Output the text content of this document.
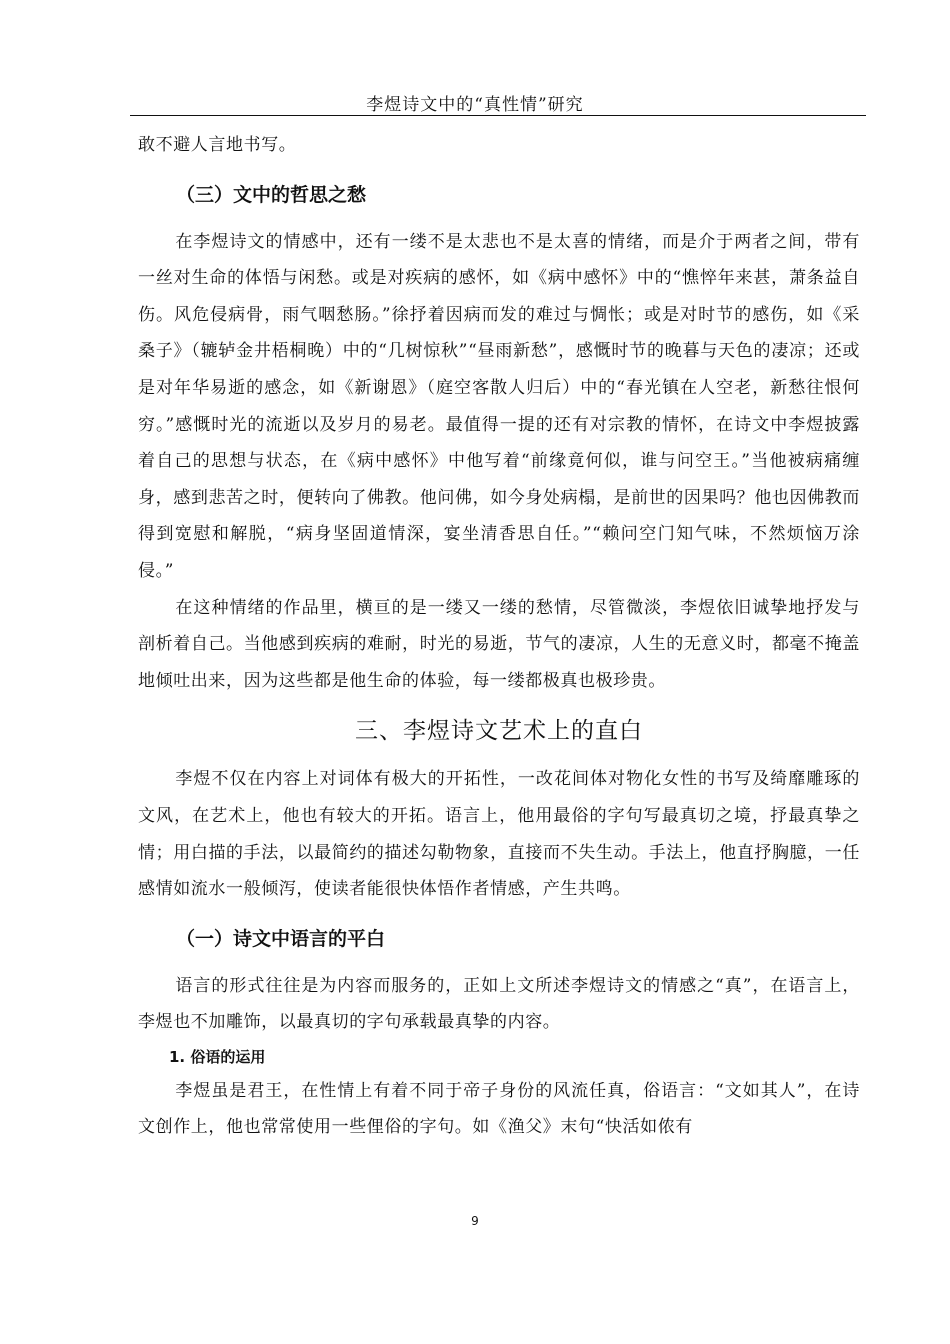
李煜诗文中的“真性情”研究

敢不避人言地书写。

（三）文中的哲思之愁

在李煜诗文的情感中，还有一缕不是太悲也不是太喜的情绪，而是介于两者之间，带有一丝对生命的体悟与闲愁。或是对疾病的感怀，如《病中感怀》中的“憔悴年来甚，萧条益自伤。风危侵病骨，雨气咽愁肠。”徐抒着因病而发的难过与惆怅；或是对时节的感伤，如《采桑子》（辘轳金井梧桐晚）中的“几树惊秋”“昼雨新愁”，感慨时节的晚暮与天色的凄凉；还或是对年华易逝的感念，如《新谢恩》（庭空客散人归后）中的“春光镇在人空老，新愁往恨何穷。”感慨时光的流逝以及岁月的易老。最值得一提的还有对宗教的情怀，在诗文中李煜披露着自己的思想与状态，在《病中感怀》中他写着“前缘竟何似，谁与问空王。”当他被病痛缠身，感到悲苦之时，便转向了佛教。他问佛，如今身处病榻，是前世的因果吗？他也因佛教而得到宽慰和解脱，“病身坚固道情深，宴坐清香思自任。”“赖问空门知气味，不然烦恼万涂侵。”

在这种情绪的作品里，横亘的是一缕又一缕的愁情，尽管微淡，李煜依旧诚挚地抒发与剖析着自己。当他感到疾病的难耐，时光的易逝，节气的凄凉，人生的无意义时，都毫不掩盖地倾吐出来，因为这些都是他生命的体验，每一缕都极真也极珍贵。

三、李煜诗文艺术上的直白

李煜不仅在内容上对词体有极大的开拓性，一改花间体对物化女性的书写及绮靡雕琢的文风，在艺术上，他也有较大的开拓。语言上，他用最俗的字句写最真切之境，抒最真挚之情；用白描的手法，以最简约的描述勾勒物象，直接而不失生动。手法上，他直抒胸臆，一任感情如流水一般倾泻，使读者能很快体悟作者情感，产生共鸣。

（一）诗文中语言的平白

语言的形式往往是为内容而服务的，正如上文所述李煜诗文的情感之“真”，在语言上，李煜也不加雕饰，以最真切的字句承载最真挚的内容。

1. 俗语的运用

李煜虽是君王，在性情上有着不同于帝子身份的风流任真，俗语言：“文如其人”，在诗文创作上，他也常常使用一些俚俗的字句。如《渔父》末句“快活如侬有

9
